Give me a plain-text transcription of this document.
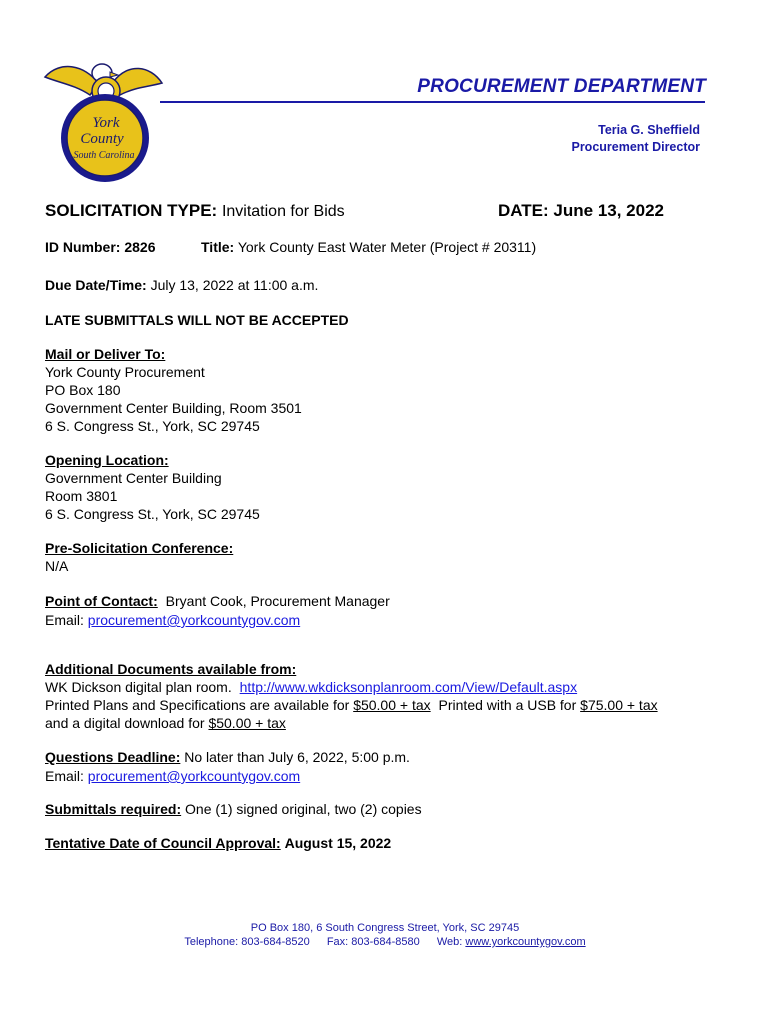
York
County
South Carolina
PROCUREMENT DEPARTMENT
Teria G. Sheffield
Procurement Director
SOLICITATION TYPE: Invitation for Bids	DATE: June 13, 2022
ID Number: 2826	Title: York County East Water Meter (Project # 20311)
Due Date/Time: July 13, 2022 at 11:00 a.m.
LATE SUBMITTALS WILL NOT BE ACCEPTED
Mail or Deliver To:
York County Procurement
PO Box 180
Government Center Building, Room 3501
6 S. Congress St., York, SC 29745
Opening Location:
Government Center Building
Room 3801
6 S. Congress St., York, SC 29745
Pre-Solicitation Conference:
N/A
Point of Contact: Bryant Cook, Procurement Manager
Email: procurement@yorkcountygov.com
Additional Documents available from:
WK Dickson digital plan room. http://www.wkdicksonplanroom.com/View/Default.aspx
Printed Plans and Specifications are available for $50.00 + tax Printed with a USB for $75.00 + tax
and a digital download for $50.00 + tax
Questions Deadline: No later than July 6, 2022, 5:00 p.m.
Email: procurement@yorkcountygov.com
Submittals required: One (1) signed original, two (2) copies
Tentative Date of Council Approval: August 15, 2022
PO Box 180, 6 South Congress Street, York, SC 29745
Telephone: 803-684-8520 Fax: 803-684-8580 Web: www.yorkcountygov.com
